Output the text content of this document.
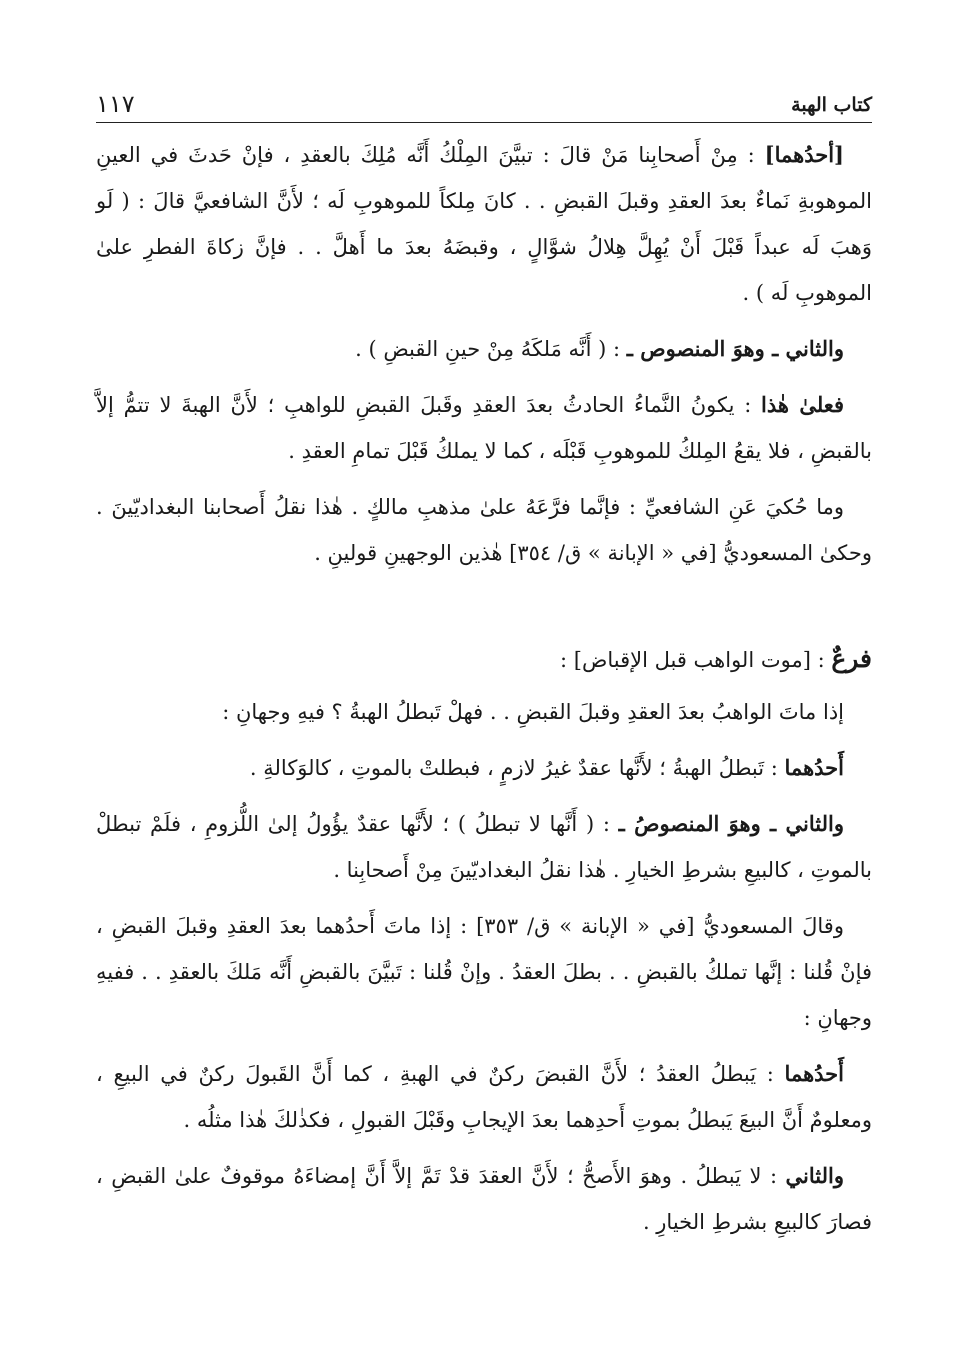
كتاب الهبة
١١٧

[أحدُهما] : مِنْ أَصحابِنا مَنْ قالَ : تبيَّنَ المِلْكُ أَنَّه مُلِكَ بالعقدِ ، فإنْ حَدثَ في العينِ الموهوبةِ نَماءٌ بعدَ العقدِ وقبلَ القبضِ . . كانَ مِلكاً للموهوبِ لَه ؛ لأَنَّ الشافعيَّ قالَ : ( لَو وَهبَ لَه عبداً قَبْلَ أَنْ يُهِلَّ هِلالُ شوَّالٍ ، وقبضَهُ بعدَ ما أَهلَّ . . فإنَّ زكاةَ الفطرِ علىٰ الموهوبِ لَه ) .

والثاني ـ وهوَ المنصوص ـ : ( أَنَّه مَلكَهُ مِنْ حينِ القبضِ ) .

فعلىٰ هٰذا : يكونُ النَّماءُ الحادثُ بعدَ العقدِ وقَبلَ القبضِ للواهبِ ؛ لأَنَّ الهبةَ لا تتمُّ إلاَّ بالقبضِ ، فلا يقعُ المِلكُ للموهوبِ قَبْلَه ، كما لا يملكُ قَبْلَ تمامِ العقدِ .

وما حُكيَ عَنِ الشافعيِّ : فإنَّما فرَّعَهُ علىٰ مذهبِ مالكٍ . هٰذا نقلُ أَصحابنا البغداديّينَ . وحكىٰ المسعوديُّ [في « الإبانة » ق/ ٣٥٤] هٰذين الوجهينِ قولينِ .

فرعٌ : [موت الواهب قبل الإقباض] :

إذا ماتَ الواهبُ بعدَ العقدِ وقبلَ القبضِ . . فهلْ تَبطلُ الهبةُ ؟ فيهِ وجهانِ :

أَحدُهما : تَبطلُ الهبةُ ؛ لأَنَّها عقدٌ غيرُ لازمٍ ، فبطلتْ بالموتِ ، كالوَكالةِ .

والثاني ـ وهوَ المنصوصُ ـ : ( أَنَّها لا تبطلُ ) ؛ لأَنَّها عقدٌ يؤُولُ إلىٰ اللُّزومِ ، فلَمْ تبطلْ بالموتِ ، كالبيعِ بشرطِ الخيارِ . هٰذا نقلُ البغداديّينَ مِنْ أَصحابِنا .

وقالَ المسعوديُّ [في « الإبانة » ق/ ٣٥٣] : إذا ماتَ أَحدُهما بعدَ العقدِ وقبلَ القبضِ ، فإنْ قُلنا : إنَّها تملكُ بالقبضِ . . بطلَ العقدُ . وإنْ قُلنا : تَبيَّنَ بالقبضِ أَنَّه مَلكَ بالعقدِ . . ففيهِ وجهانِ :

أَحدُهما : يَبطلُ العقدُ ؛ لأَنَّ القبضَ ركنٌ في الهبةِ ، كما أَنَّ القَبولَ ركنٌ في البيعِ ، ومعلومٌ أَنَّ البيعَ يَبطلُ بموتِ أَحدِهما بعدَ الإيجابِ وقَبْلَ القبولِ ، فكذٰلكَ هٰذا مثلُه .

والثاني : لا يَبطلُ . وهوَ الأَصحُّ ؛ لأَنَّ العقدَ قدْ تَمَّ إلاَّ أَنَّ إمضاءَهُ موقوفٌ علىٰ القبضِ ، فصارَ كالبيعِ بشرطِ الخيارِ .
